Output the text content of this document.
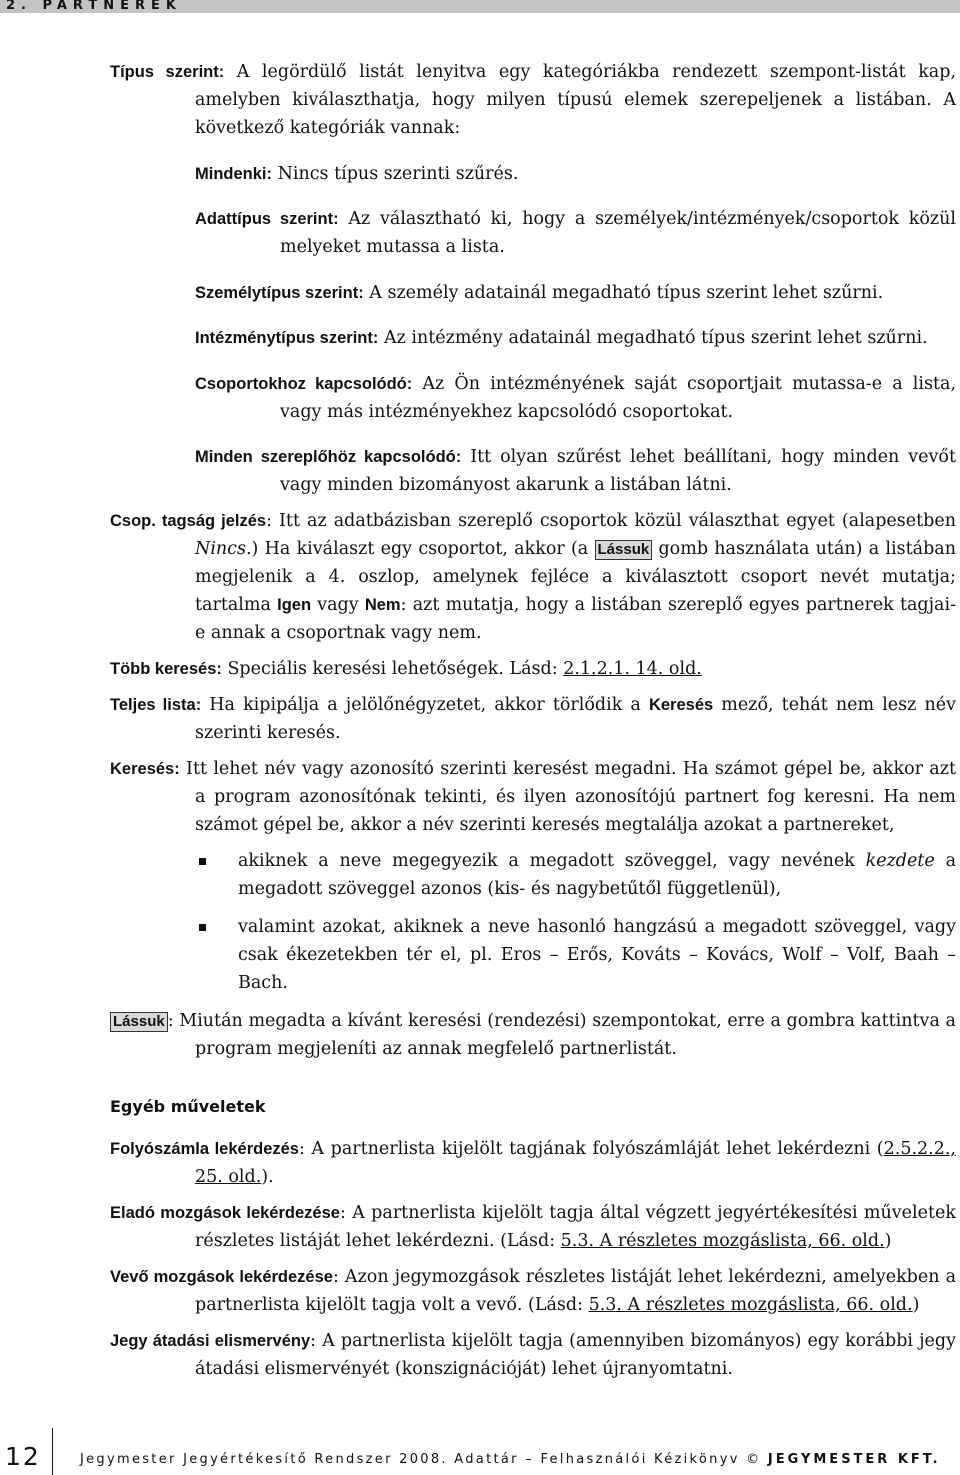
2. PARTNEREK

Típus szerint: A legördülő listát lenyitva egy kategóriákba rendezett szempont-listát kap, amelyben kiválaszthatja, hogy milyen típusú elemek szerepeljenek a listában. A következő kategóriák vannak:

Mindenki: Nincs típus szerinti szűrés.

Adattípus szerint: Az választható ki, hogy a személyek/intézmények/csoportok közül melyeket mutassa a lista.

Személytípus szerint: A személy adatainál megadható típus szerint lehet szűrni.

Intézménytípus szerint: Az intézmény adatainál megadható típus szerint lehet szűrni.

Csoportokhoz kapcsolódó: Az Ön intézményének saját csoportjait mutassa-e a lista, vagy más intézményekhez kapcsolódó csoportokat.

Minden szereplőhöz kapcsolódó: Itt olyan szűrést lehet beállítani, hogy minden vevőt vagy minden bizományost akarunk a listában látni.

Csop. tagság jelzés: Itt az adatbázisban szereplő csoportok közül választhat egyet (alapesetben Nincs.) Ha kiválaszt egy csoportot, akkor (a Lássuk gomb használata után) a listában megjelenik a 4. oszlop, amelynek fejléce a kiválasztott csoport nevét mutatja; tartalma Igen vagy Nem: azt mutatja, hogy a listában szereplő egyes partnerek tagjai-e annak a csoportnak vagy nem.

Több keresés: Speciális keresési lehetőségek. Lásd: 2.1.2.1. 14. old.

Teljes lista: Ha kipipálja a jelölőnégyzetet, akkor törlődik a Keresés mező, tehát nem lesz név szerinti keresés.

Keresés: Itt lehet név vagy azonosító szerinti keresést megadni. Ha számot gépel be, akkor azt a program azonosítónak tekinti, és ilyen azonosítójú partnert fog keresni. Ha nem számot gépel be, akkor a név szerinti keresés megtalálja azokat a partnereket,

akiknek a neve megegyezik a megadott szöveggel, vagy nevének kezdete a megadott szöveggel azonos (kis- és nagybetűtől függetlenül),
valamint azokat, akiknek a neve hasonló hangzású a megadott szöveggel, vagy csak ékezetekben tér el, pl. Eros – Erős, Kováts – Kovács, Wolf – Volf, Baah – Bach.

Lássuk : Miután megadta a kívánt keresési (rendezési) szempontokat, erre a gombra kattintva a program megjeleníti az annak megfelelő partnerlistát.

Egyéb műveletek

Folyószámla lekérdezés: A partnerlista kijelölt tagjának folyószámláját lehet lekérdezni (2.5.2.2., 25. old.).

Eladó mozgások lekérdezése: A partnerlista kijelölt tagja által végzett jegyértékesítési műveletek részletes listáját lehet lekérdezni. (Lásd: 5.3. A részletes mozgáslista, 66. old.)

Vevő mozgások lekérdezése: Azon jegymozgások részletes listáját lehet lekérdezni, amelyekben a partnerlista kijelölt tagja volt a vevő. (Lásd: 5.3. A részletes mozgáslista, 66. old.)

Jegy átadási elismervény: A partnerlista kijelölt tagja (amennyiben bizományos) egy korábbi jegy átadási elismervényét (konszignációját) lehet újranyomtatni.

12	Jegymester Jegyértékesítő Rendszer 2008. Adattár – Felhasználói Kézikönyv © JEGYMESTER KFT.
